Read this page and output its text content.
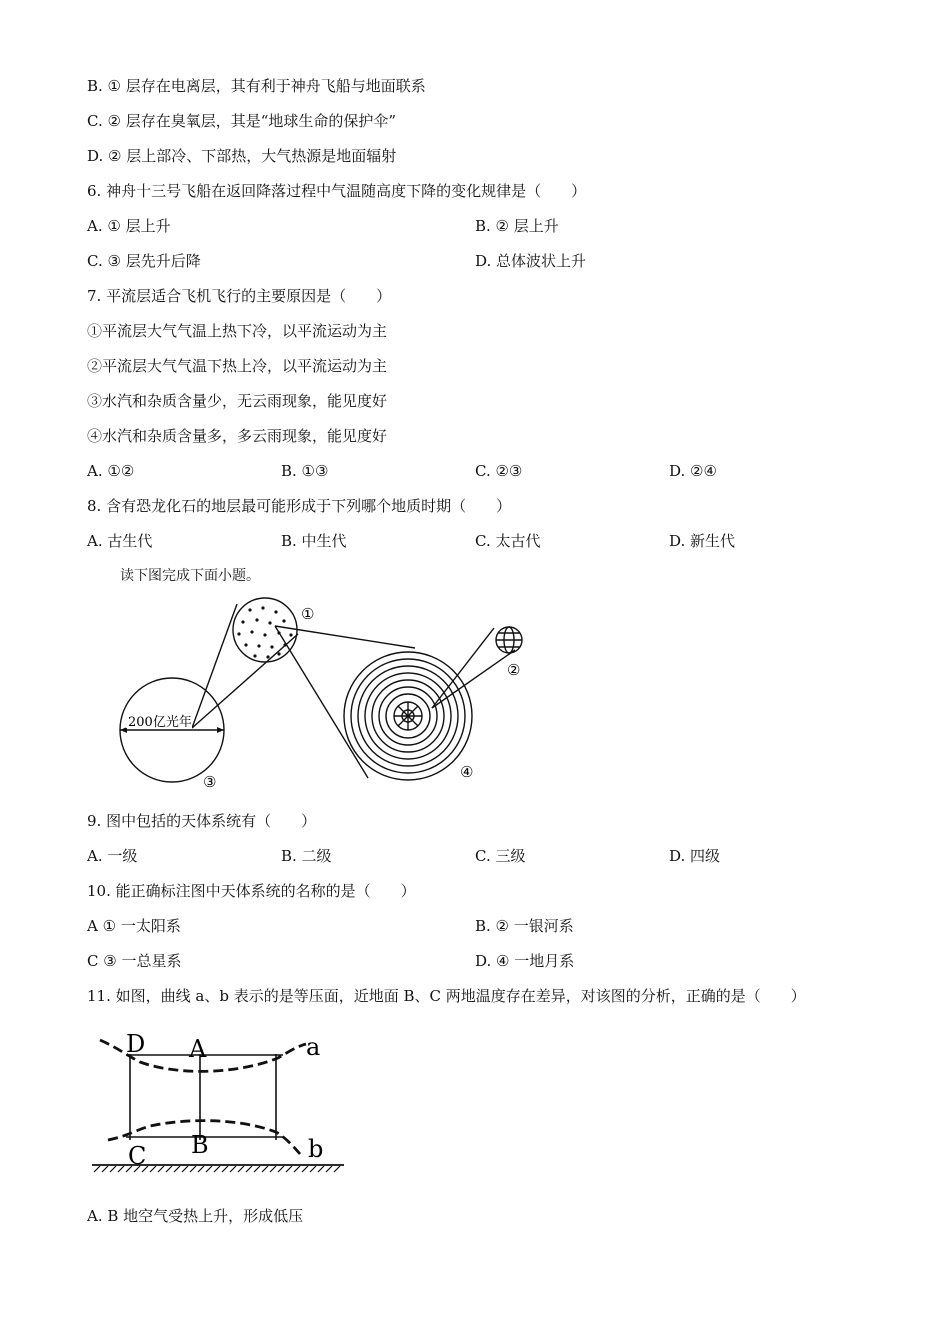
B. ① 层存在电离层，其有利于神舟飞船与地面联系
C. ② 层存在臭氧层，其是“地球生命的保护伞”
D. ② 层上部冷、下部热，大气热源是地面辐射
6. 神舟十三号飞船在返回降落过程中气温随高度下降的变化规律是（　　）
A. ① 层上升	B. ② 层上升
C. ③ 层先升后降	D. 总体波状上升
7. 平流层适合飞机飞行的主要原因是（　　）
①平流层大气气温上热下冷，以平流运动为主
②平流层大气气温下热上冷，以平流运动为主
③水汽和杂质含量少，无云雨现象，能见度好
④水汽和杂质含量多，多云雨现象，能见度好
A. ①②	B. ①③	C. ②③	D. ②④
8. 含有恐龙化石的地层最可能形成于下列哪个地质时期（　　）
A. 古生代	B. 中生代	C. 太古代	D. 新生代
读下图完成下面小题。
200亿光年
①
②
③
④
9. 图中包括的天体系统有（　　）
A. 一级	B. 二级	C. 三级	D. 四级
10. 能正确标注图中天体系统的名称的是（　　）
A ① 一太阳系	B. ② 一银河系
C ③ 一总星系	D. ④ 一地月系
11. 如图，曲线 a、b 表示的是等压面，近地面 B、C 两地温度存在差异，对该图的分析，正确的是（　　）
D A	a
C B	b
A. B 地空气受热上升，形成低压
